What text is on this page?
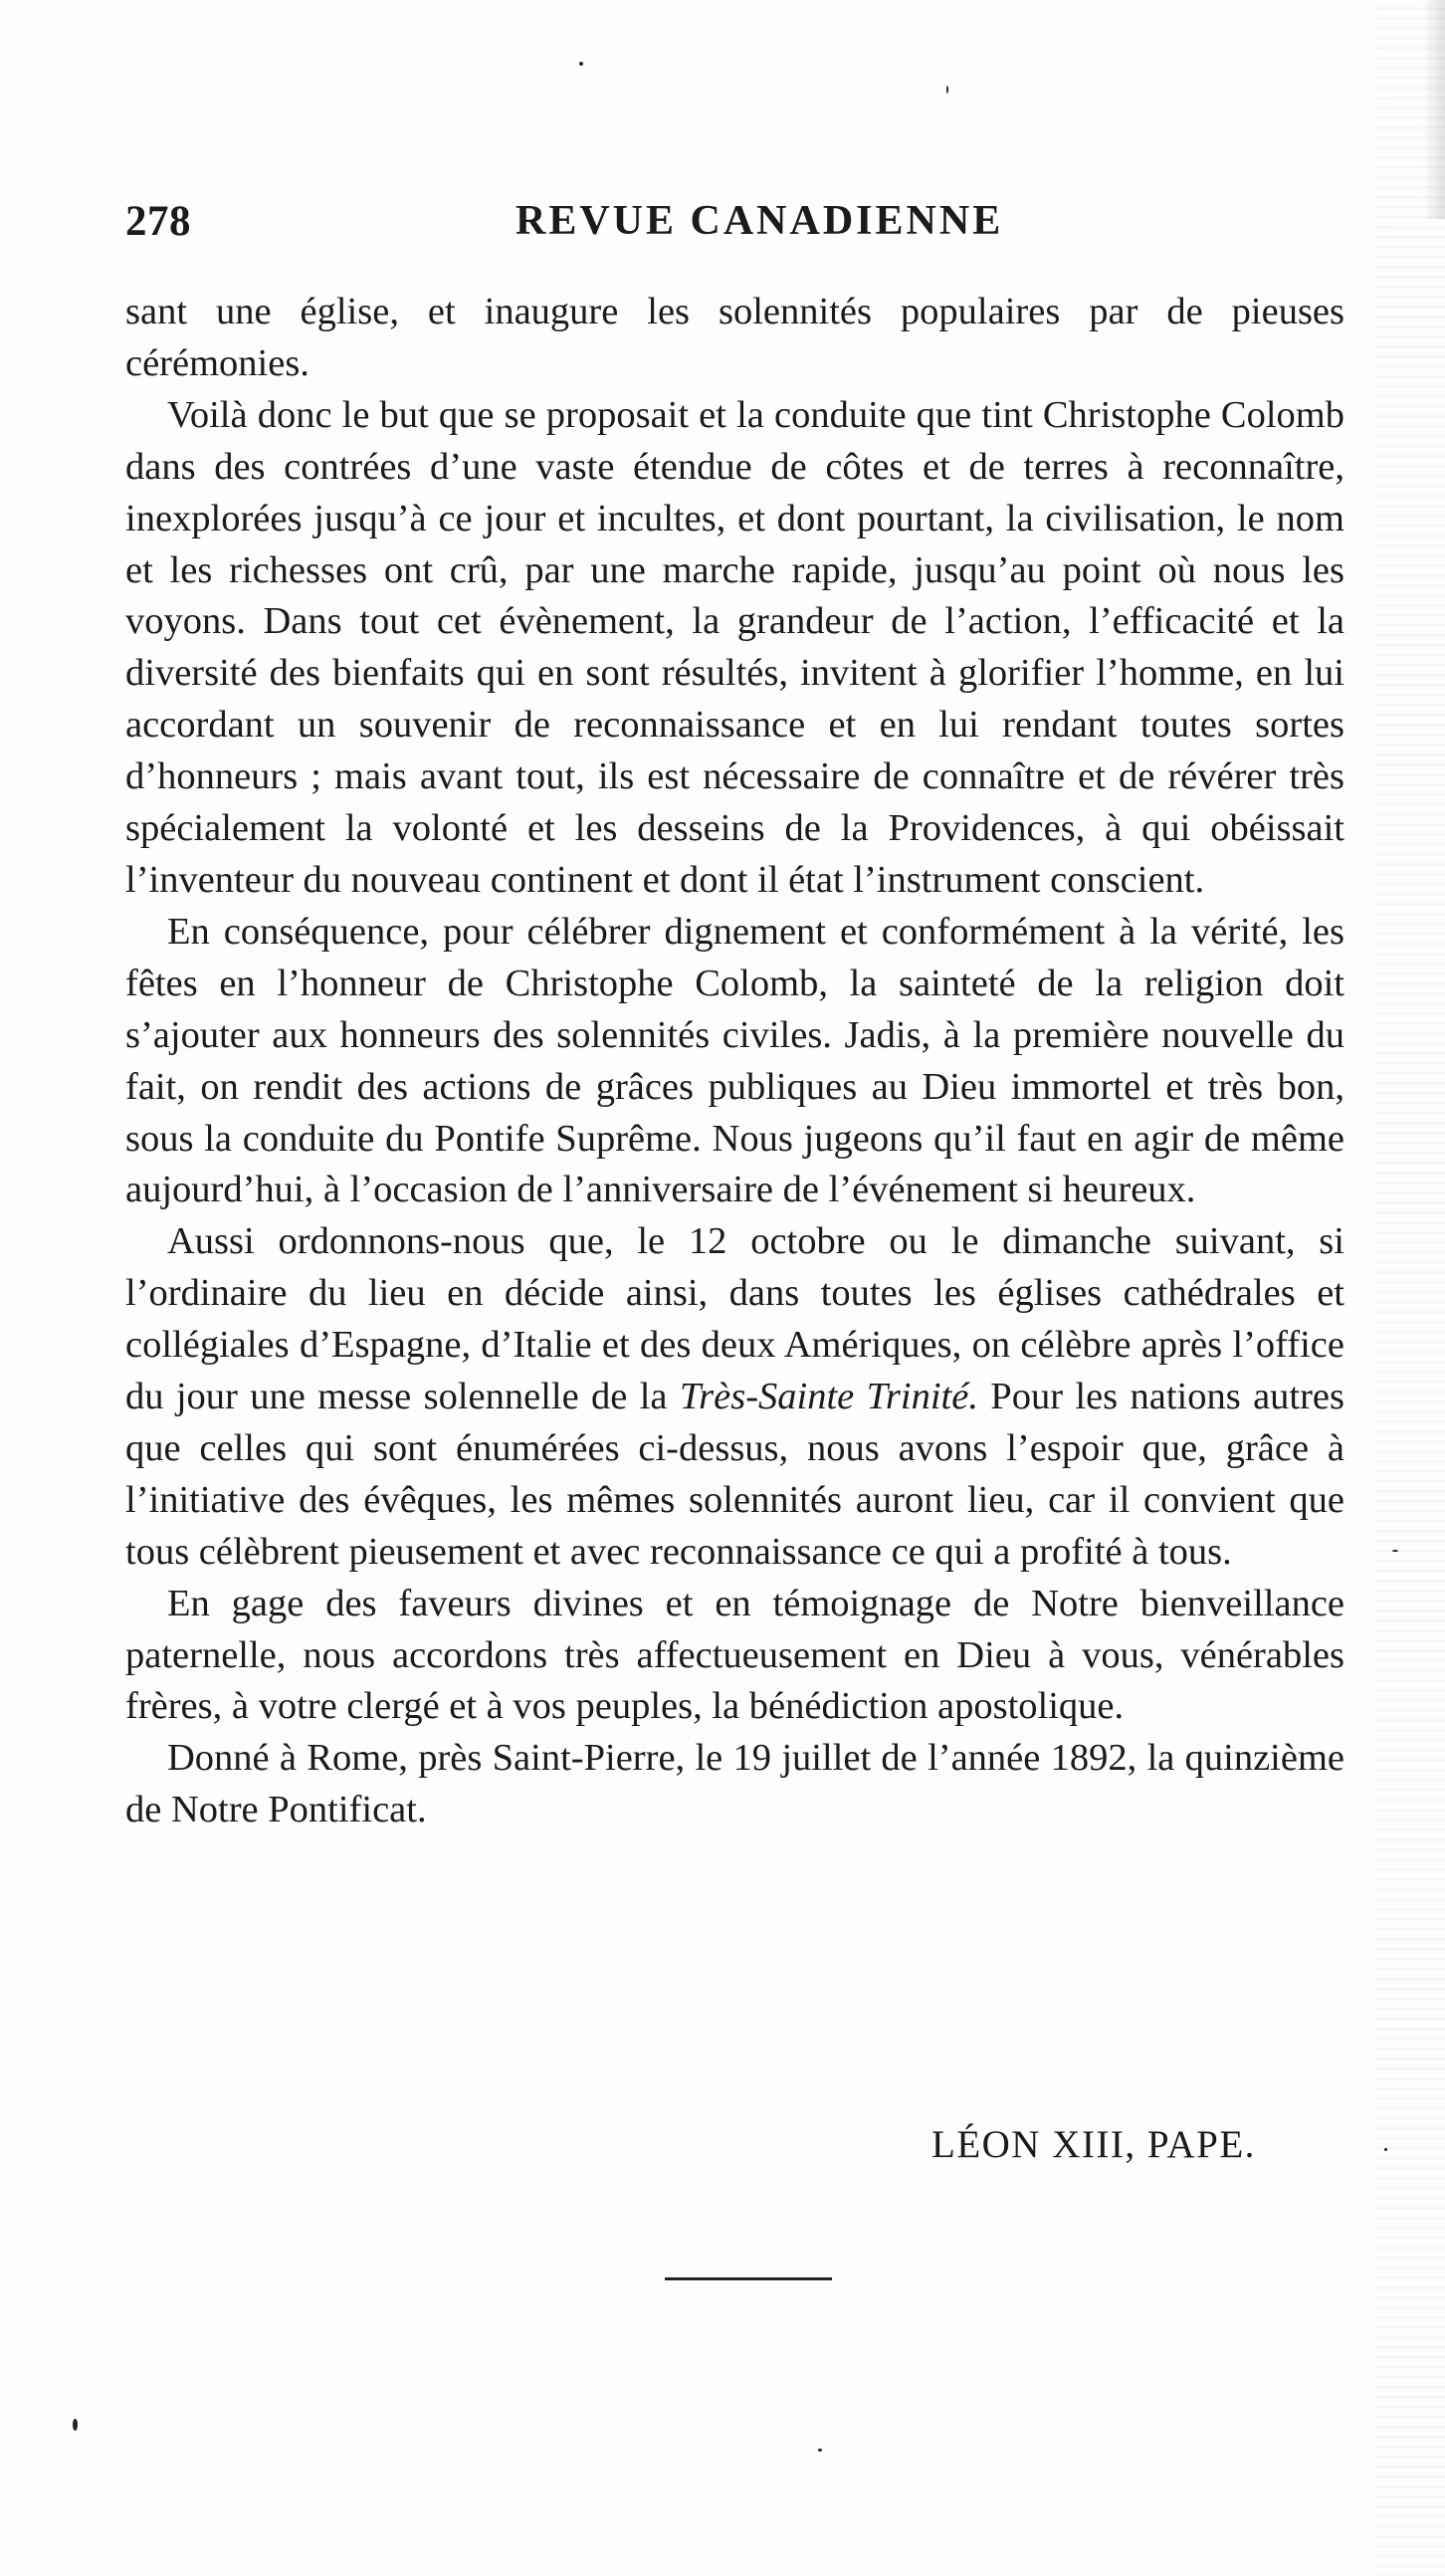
278	REVUE CANADIENNE

sant une église, et inaugure les solennités populaires par de pieuses cérémonies.

Voilà donc le but que se proposait et la conduite que tint Christophe Colomb dans des contrées d’une vaste étendue de côtes et de terres à reconnaître, inexplorées jusqu’à ce jour et incultes, et dont pourtant, la civilisation, le nom et les richesses ont crû, par une marche rapide, jusqu’au point où nous les voyons. Dans tout cet évènement, la grandeur de l’action, l’efficacité et la diversité des bienfaits qui en sont résultés, invitent à glorifier l’homme, en lui accordant un souvenir de reconnaissance et en lui rendant toutes sortes d’honneurs ; mais avant tout, ils est nécessaire de connaître et de révérer très spécialement la volonté et les desseins de la Providences, à qui obéissait l’inventeur du nouveau continent et dont il état l’instrument conscient.

En conséquence, pour célébrer dignement et conformément à la vérité, les fêtes en l’honneur de Christophe Colomb, la sainteté de la religion doit s’ajouter aux honneurs des solennités civiles. Jadis, à la première nouvelle du fait, on rendit des actions de grâces publiques au Dieu immortel et très bon, sous la conduite du Pontife Suprême. Nous jugeons qu’il faut en agir de même aujourd’hui, à l’occasion de l’anniversaire de l’événement si heureux.

Aussi ordonnons-nous que, le 12 octobre ou le dimanche suivant, si l’ordinaire du lieu en décide ainsi, dans toutes les églises cathédrales et collégiales d’Espagne, d’Italie et des deux Amériques, on célèbre après l’office du jour une messe solennelle de la Très-Sainte Trinité. Pour les nations autres que celles qui sont énumérées ci-dessus, nous avons l’espoir que, grâce à l’initiative des évêques, les mêmes solennités auront lieu, car il convient que tous célèbrent pieusement et avec reconnaissance ce qui a profité à tous.

En gage des faveurs divines et en témoignage de Notre bienveillance paternelle, nous accordons très affectueusement en Dieu à vous, vénérables frères, à votre clergé et à vos peuples, la bénédiction apostolique.

Donné à Rome, près Saint-Pierre, le 19 juillet de l’année 1892, la quinzième de Notre Pontificat.

LÉON XIII, PAPE.
